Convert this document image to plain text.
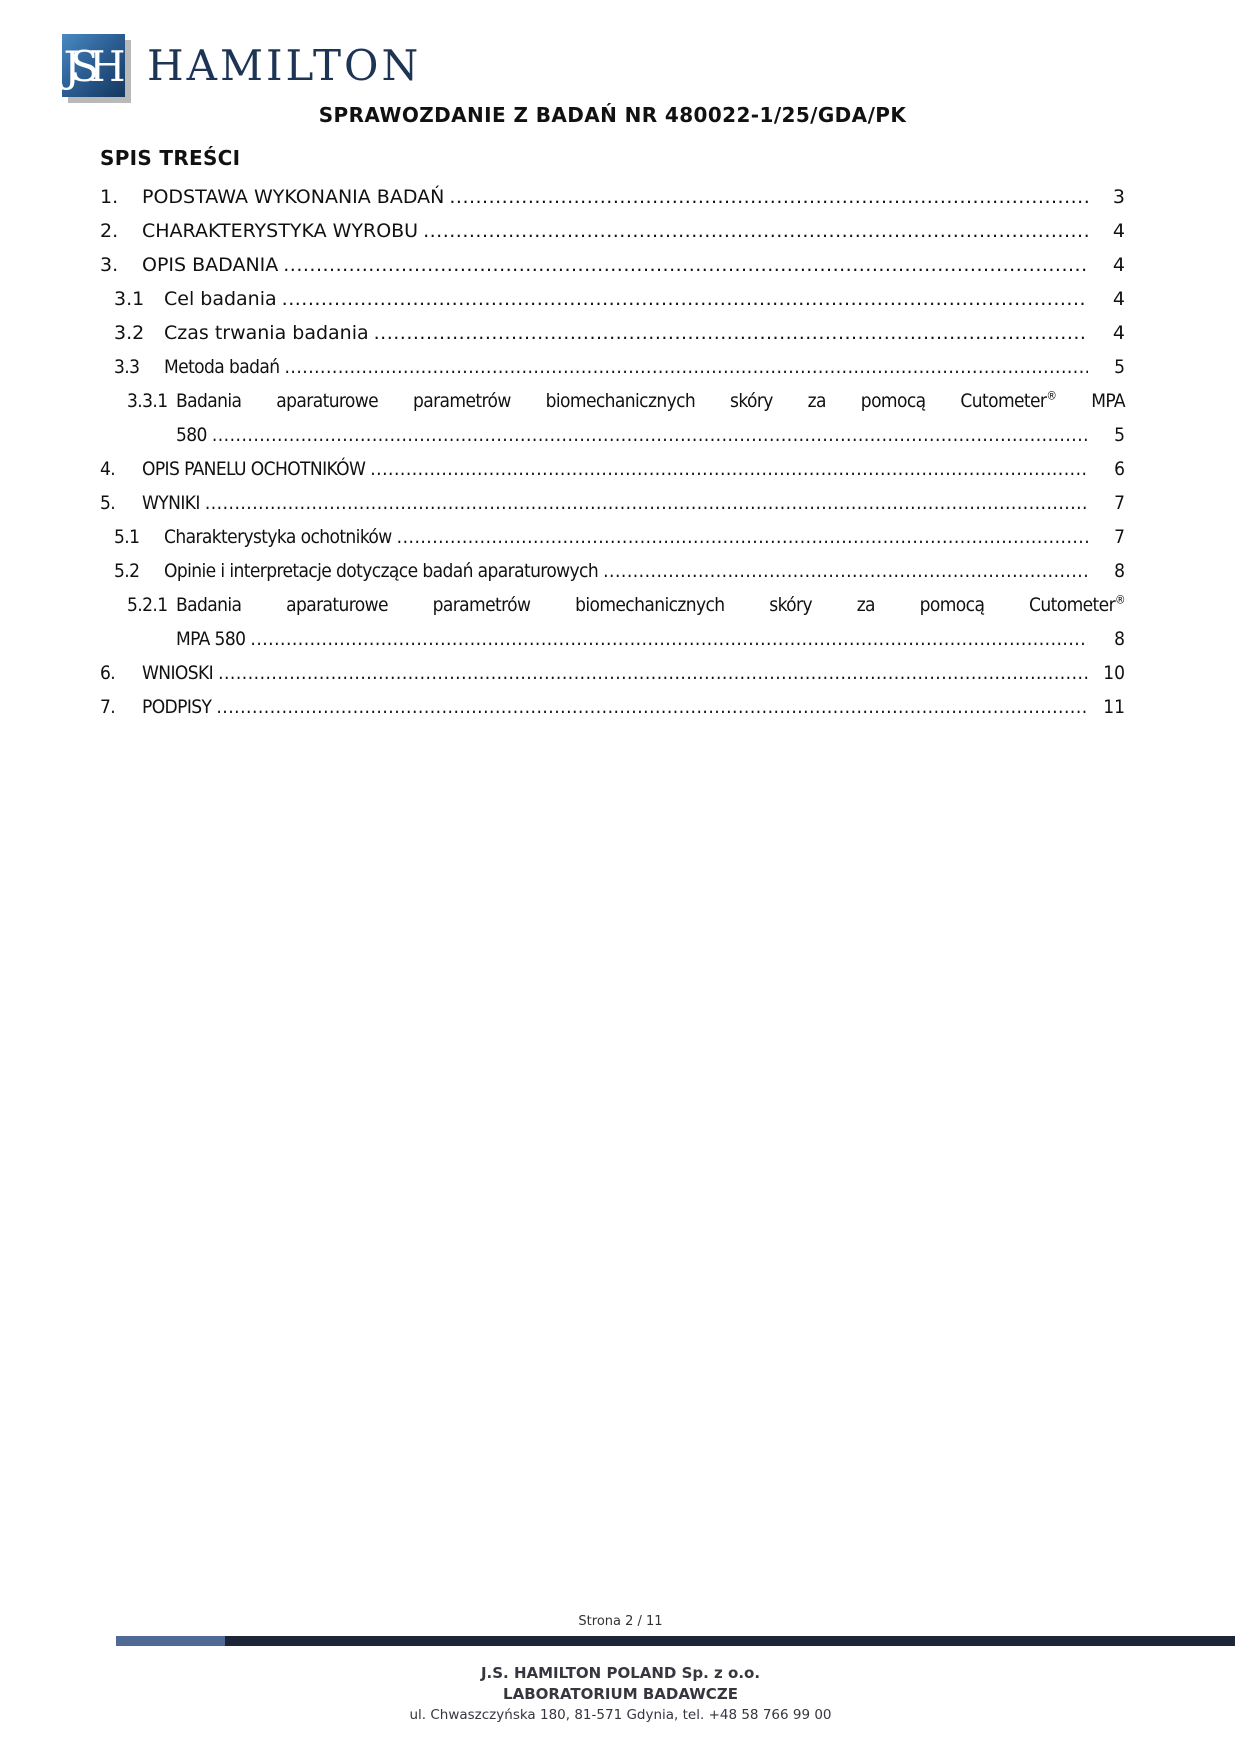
JSH HAMILTON
SPRAWOZDANIE Z BADAŃ NR 480022-1/25/GDA/PK
SPIS TREŚCI
1.	PODSTAWA WYKONANIA BADAŃ .....	3
2.	CHARAKTERYSTYKA WYROBU .....	4
3.	OPIS BADANIA .....	4
3.1	Cel badania .....	4
3.2	Czas trwania badania .....	4
3.3	Metoda badań .....	5
3.3.1 Badania aparaturowe parametrów biomechanicznych skóry za pomocą Cutometer® MPA
580 .....	5
4.	OPIS PANELU OCHOTNIKÓW .....	6
5.	WYNIKI .....	7
5.1	Charakterystyka ochotników .....	7
5.2	Opinie i interpretacje dotyczące badań aparaturowych .....	8
5.2.1 Badania aparaturowe parametrów biomechanicznych skóry za pomocą Cutometer®
MPA 580 .....	8
6.	WNIOSKI .....	10
7.	PODPISY .....	11
Strona 2 / 11
J.S. HAMILTON POLAND Sp. z o.o.
LABORATORIUM BADAWCZE
ul. Chwaszczyńska 180, 81-571 Gdynia, tel. +48 58 766 99 00
